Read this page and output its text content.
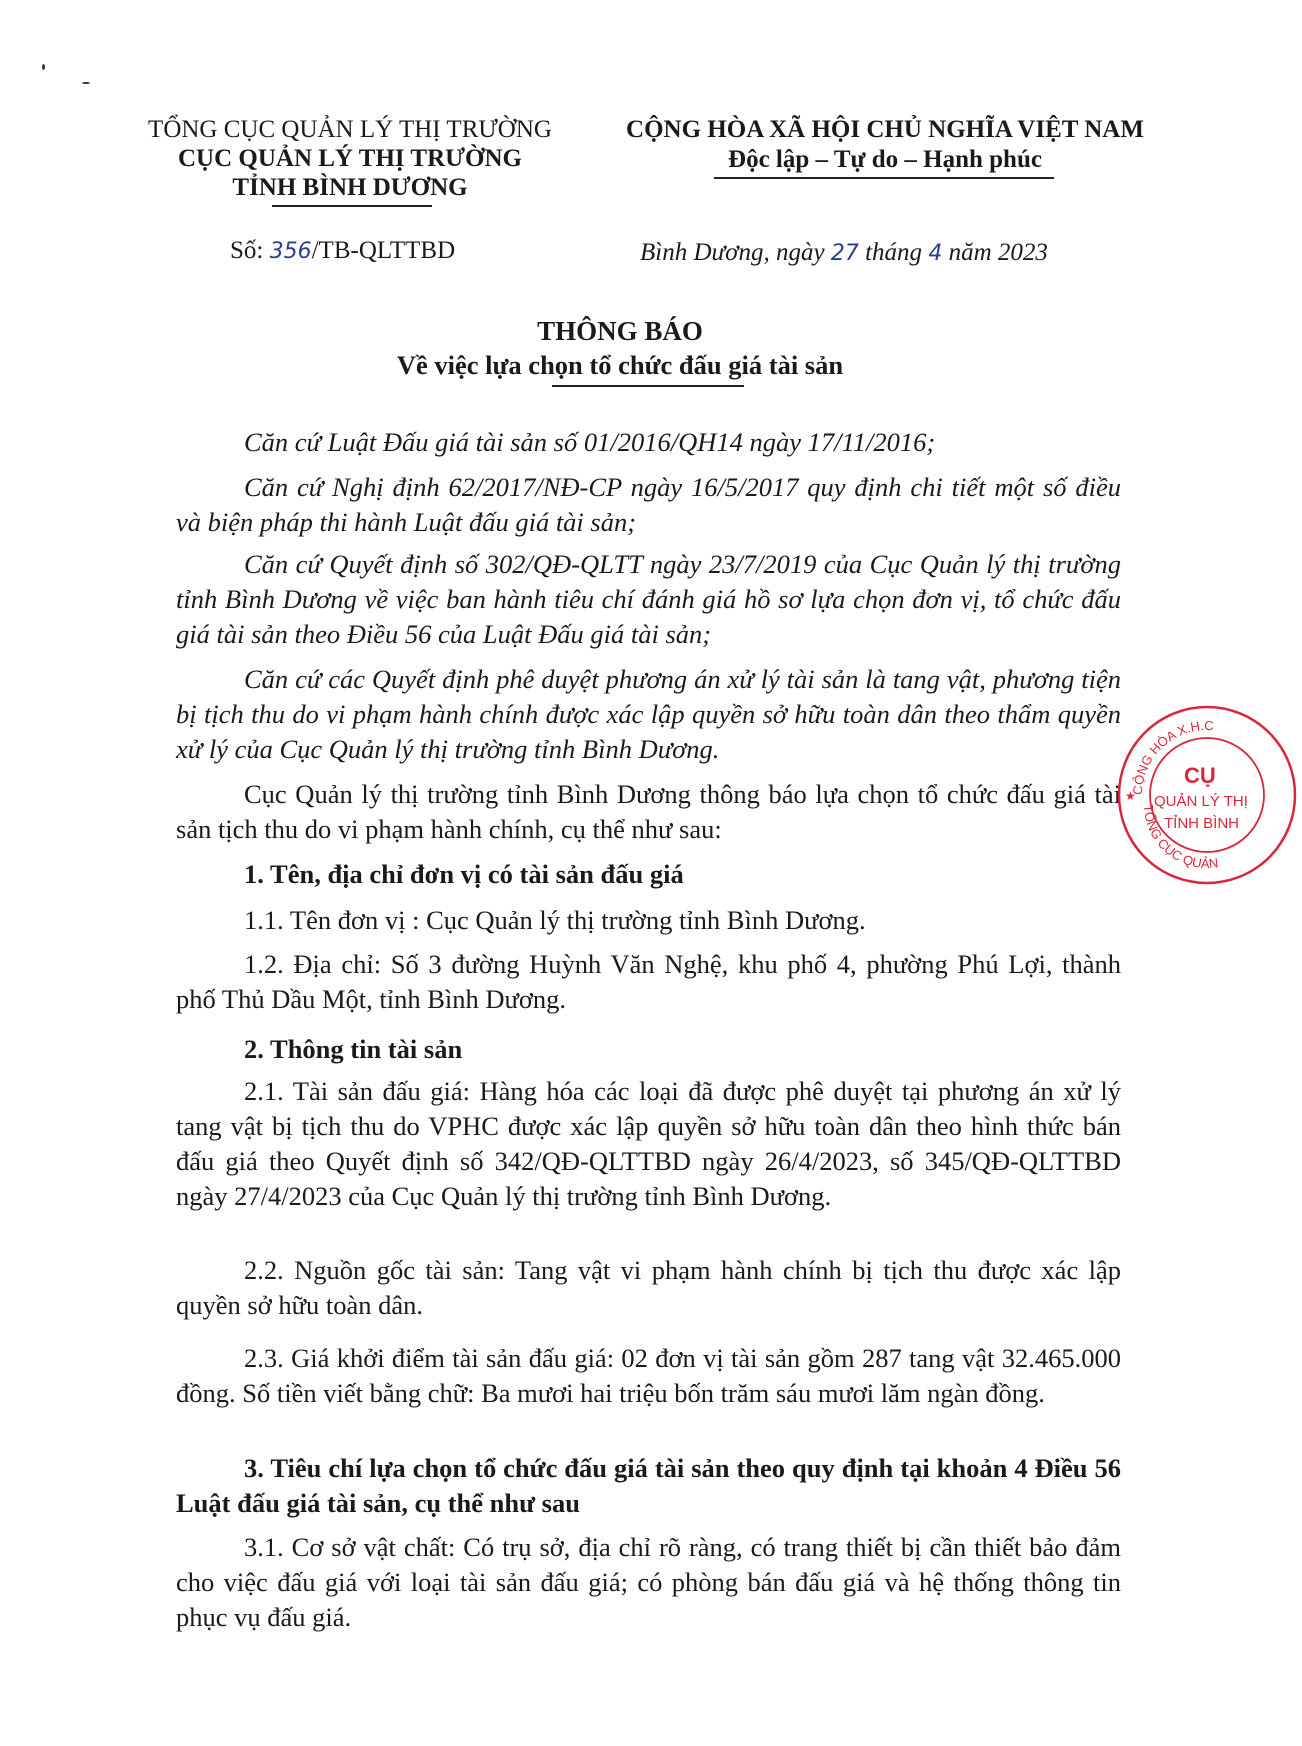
TỔNG CỤC QUẢN LÝ THỊ TRƯỜNG
CỤC QUẢN LÝ THỊ TRƯỜNG
TỈNH BÌNH DƯƠNG
CỘNG HÒA XÃ HỘI CHỦ NGHĨA VIỆT NAM
Độc lập – Tự do – Hạnh phúc
Số: 356/TB-QLTTBD	Bình Dương, ngày 27 tháng 4 năm 2023
THÔNG BÁO
Về việc lựa chọn tổ chức đấu giá tài sản
Căn cứ Luật Đấu giá tài sản số 01/2016/QH14 ngày 17/11/2016;
Căn cứ Nghị định 62/2017/NĐ-CP ngày 16/5/2017 quy định chi tiết một số điều và biện pháp thi hành Luật đấu giá tài sản;
Căn cứ Quyết định số 302/QĐ-QLTT ngày 23/7/2019 của Cục Quản lý thị trường tỉnh Bình Dương về việc ban hành tiêu chí đánh giá hồ sơ lựa chọn đơn vị, tổ chức đấu giá tài sản theo Điều 56 của Luật Đấu giá tài sản;
Căn cứ các Quyết định phê duyệt phương án xử lý tài sản là tang vật, phương tiện bị tịch thu do vi phạm hành chính được xác lập quyền sở hữu toàn dân theo thẩm quyền xử lý của Cục Quản lý thị trường tỉnh Bình Dương.
Cục Quản lý thị trường tỉnh Bình Dương thông báo lựa chọn tổ chức đấu giá tài sản tịch thu do vi phạm hành chính, cụ thể như sau:
1. Tên, địa chỉ đơn vị có tài sản đấu giá
1.1. Tên đơn vị : Cục Quản lý thị trường tỉnh Bình Dương.
1.2. Địa chỉ: Số 3 đường Huỳnh Văn Nghệ, khu phố 4, phường Phú Lợi, thành phố Thủ Dầu Một, tỉnh Bình Dương.
2. Thông tin tài sản
2.1. Tài sản đấu giá: Hàng hóa các loại đã được phê duyệt tại phương án xử lý tang vật bị tịch thu do VPHC được xác lập quyền sở hữu toàn dân theo hình thức bán đấu giá theo Quyết định số 342/QĐ-QLTTBD ngày 26/4/2023, số 345/QĐ-QLTTBD ngày 27/4/2023 của Cục Quản lý thị trường tỉnh Bình Dương.
2.2. Nguồn gốc tài sản: Tang vật vi phạm hành chính bị tịch thu được xác lập quyền sở hữu toàn dân.
2.3. Giá khởi điểm tài sản đấu giá: 02 đơn vị tài sản gồm 287 tang vật 32.465.000 đồng. Số tiền viết bằng chữ: Ba mươi hai triệu bốn trăm sáu mươi lăm ngàn đồng.
3. Tiêu chí lựa chọn tổ chức đấu giá tài sản theo quy định tại khoản 4 Điều 56 Luật đấu giá tài sản, cụ thể như sau
3.1. Cơ sở vật chất: Có trụ sở, địa chỉ rõ ràng, có trang thiết bị cần thiết bảo đảm cho việc đấu giá với loại tài sản đấu giá; có phòng bán đấu giá và hệ thống thông tin phục vụ đấu giá.
CỘNG HÒA X.H.C
TỔNG CỤC QUẢN
★
CỤ
QUẢN LÝ THỊ
TỈNH BÌNH
